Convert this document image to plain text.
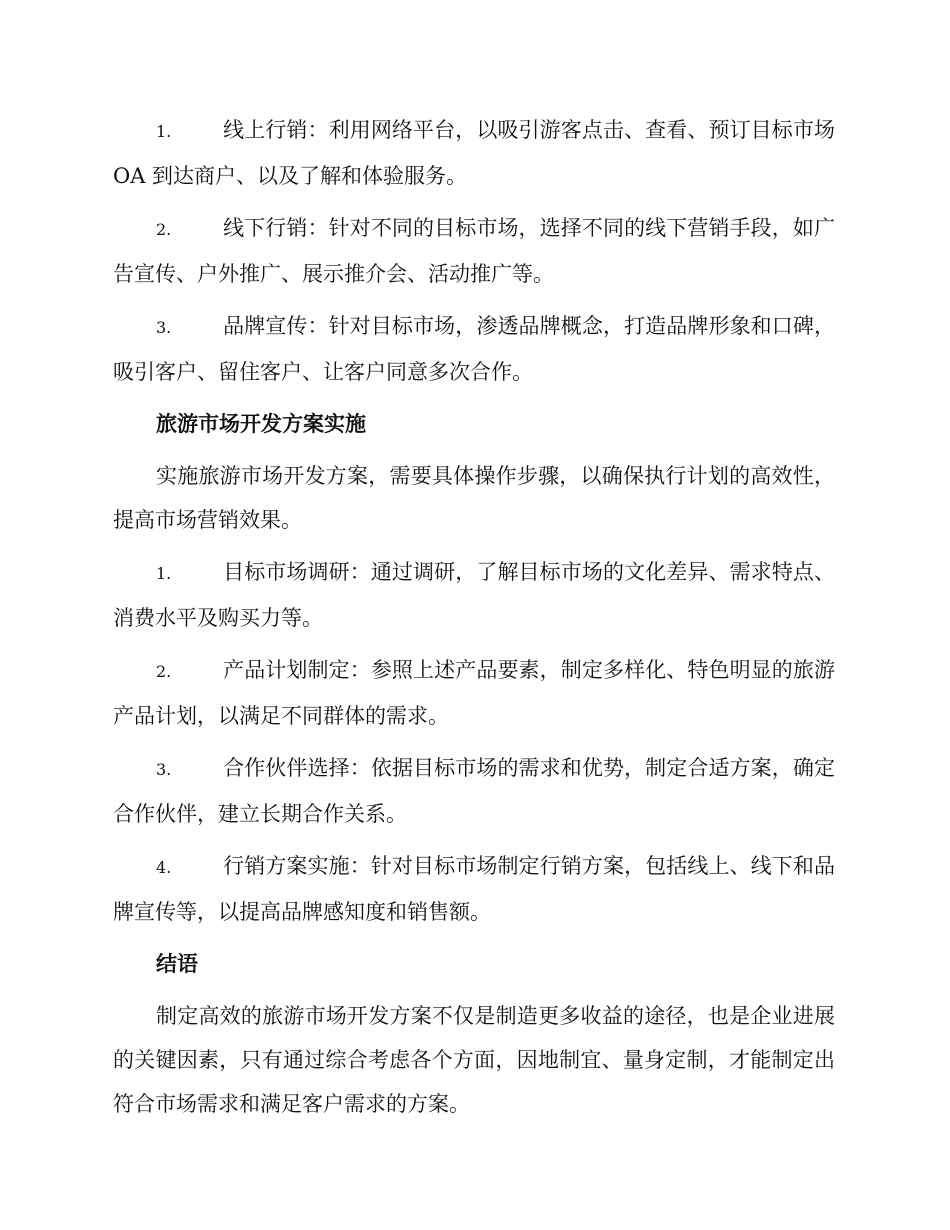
1. 线上行销：利用网络平台，以吸引游客点击、查看、预订目标市场 OA 到达商户、以及了解和体验服务。

2. 线下行销：针对不同的目标市场，选择不同的线下营销手段，如广告宣传、户外推广、展示推介会、活动推广等。

3. 品牌宣传：针对目标市场，渗透品牌概念，打造品牌形象和口碑，吸引客户、留住客户、让客户同意多次合作。

旅游市场开发方案实施

实施旅游市场开发方案，需要具体操作步骤，以确保执行计划的高效性，提高市场营销效果。

1. 目标市场调研：通过调研，了解目标市场的文化差异、需求特点、消费水平及购买力等。

2. 产品计划制定：参照上述产品要素，制定多样化、特色明显的旅游产品计划，以满足不同群体的需求。

3. 合作伙伴选择：依据目标市场的需求和优势，制定合适方案，确定合作伙伴，建立长期合作关系。

4. 行销方案实施：针对目标市场制定行销方案，包括线上、线下和品牌宣传等，以提高品牌感知度和销售额。

结语

制定高效的旅游市场开发方案不仅是制造更多收益的途径，也是企业进展的关键因素，只有通过综合考虑各个方面，因地制宜、量身定制，才能制定出符合市场需求和满足客户需求的方案。
